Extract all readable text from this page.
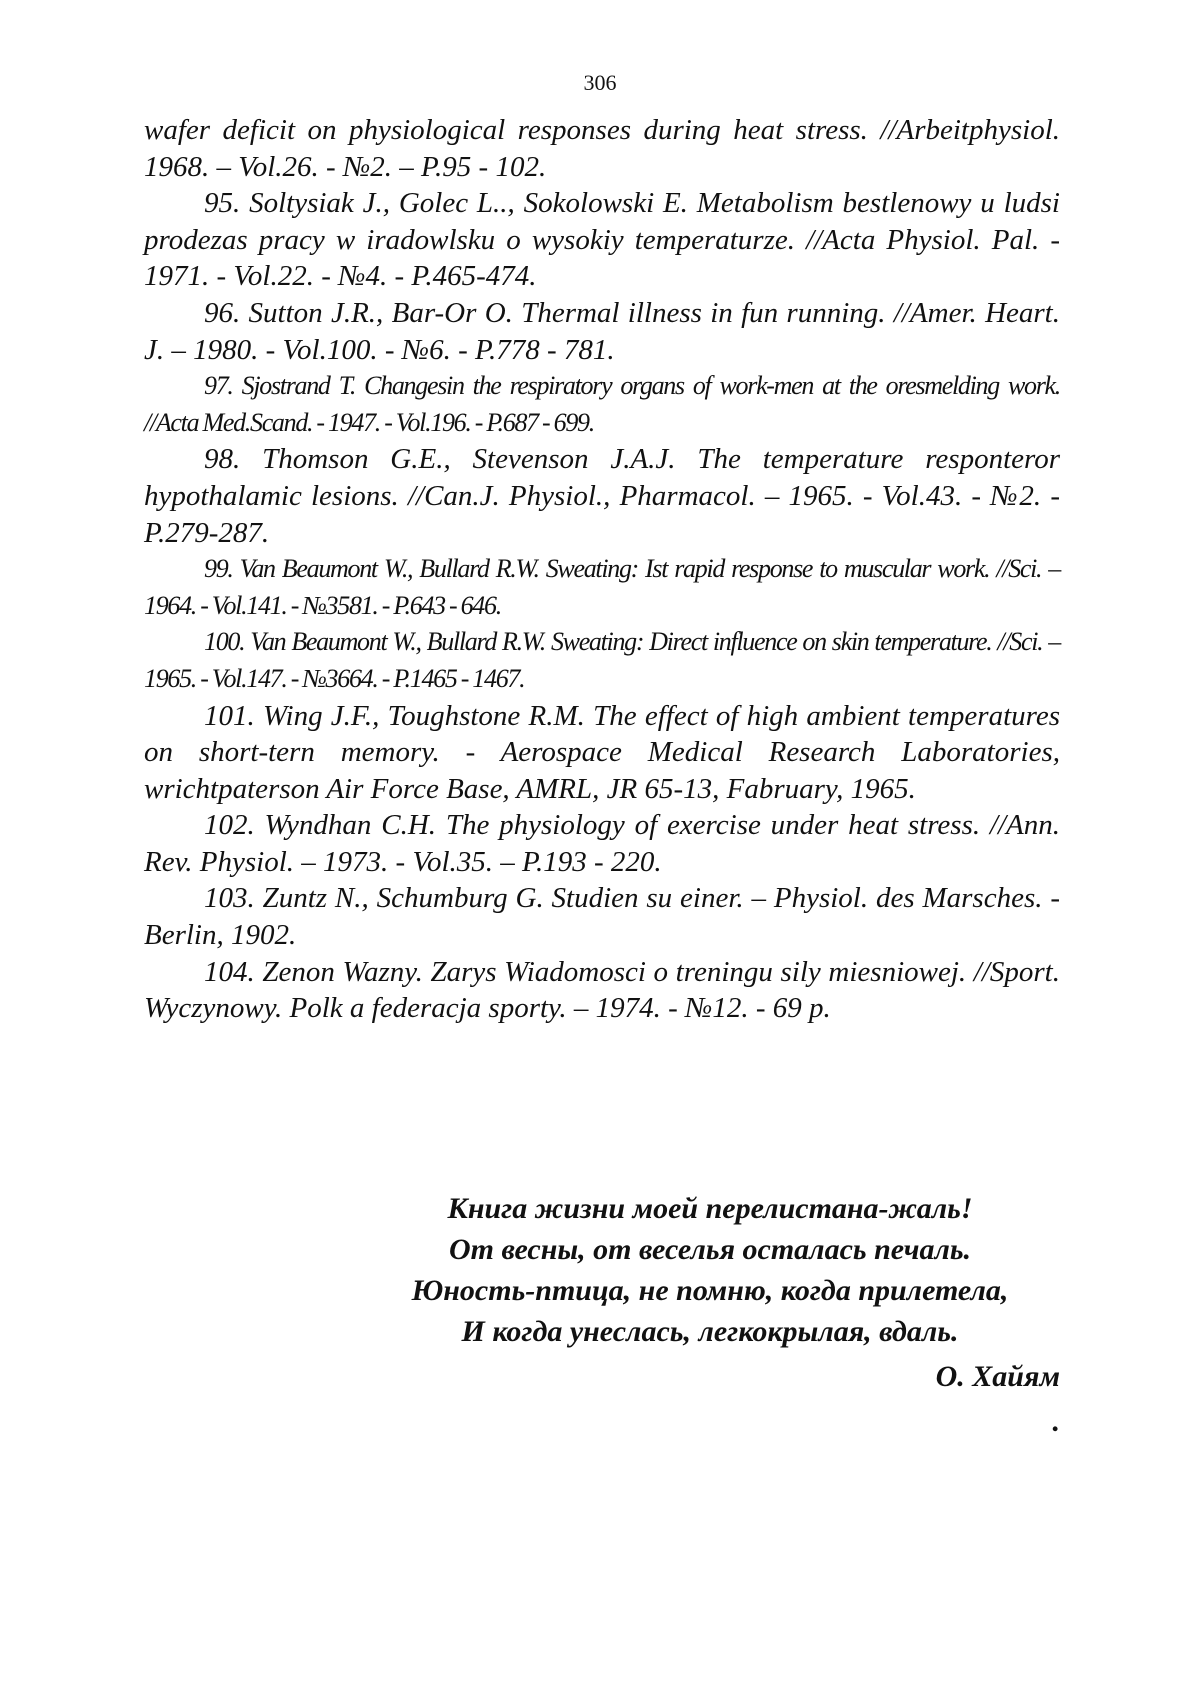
306

wafer deficit on physiological responses during heat stress. //Arbeitphysiol. 1968. – Vol.26. - №2. – P.95 - 102.

95. Soltysiak J., Golec L.., Sokolowski E. Metabolism bestlenowy u ludsi prodezas pracy w iradowlsku o wysokiy temperaturze. //Acta Physiol. Pal. - 1971. - Vol.22. - №4. - P.465-474.

96. Sutton J.R., Bar-Or O. Thermal illness in fun running. //Amer. Heart. J. – 1980. - Vol.100. - №6. - P.778 - 781.

97. Sjostrand T. Changesin the respiratory organs of work-men at the oresmelding work. //Acta Med.Scand. - 1947. - Vol.196. - P.687 - 699.

98. Thomson G.E., Stevenson J.A.J. The temperature responteror hypothalamic lesions. //Can.J. Physiol., Pharmacol. – 1965. - Vol.43. - №2. - P.279-287.

99. Van Beaumont W., Bullard R.W. Sweating: Ist rapid response to muscular work. //Sci. – 1964. - Vol.141. - №3581. - P.643 - 646.

100. Van Beaumont W., Bullard R.W. Sweating: Direct influence on skin temperature. //Sci. – 1965. - Vol.147. - №3664. - P.1465 - 1467.

101. Wing J.F., Toughstone R.M. The effect of high ambient temperatures on short-tern memory. - Aerospace Medical Research Laboratories, wrichtpaterson Air Force Base, AMRL, JR 65-13, Fabruary, 1965.

102. Wyndhan C.H. The physiology of exercise under heat stress. //Ann. Rev. Physiol. – 1973. - Vol.35. – P.193 - 220.

103. Zuntz N., Schumburg G. Studien su einer. – Physiol. des Marsches. - Berlin, 1902.

104. Zenon Wazny. Zarys Wiadomosci o treningu sily miesniowej. //Sport. Wyczynowy. Polk a federacja sporty. – 1974. - №12. - 69 p.

Книга жизни моей перелистана-жаль!
От весны, от веселья осталась печаль.
Юность-птица, не помню, когда прилетела,
И когда унеслась, легкокрылая, вдаль.
О. Хайям
.
